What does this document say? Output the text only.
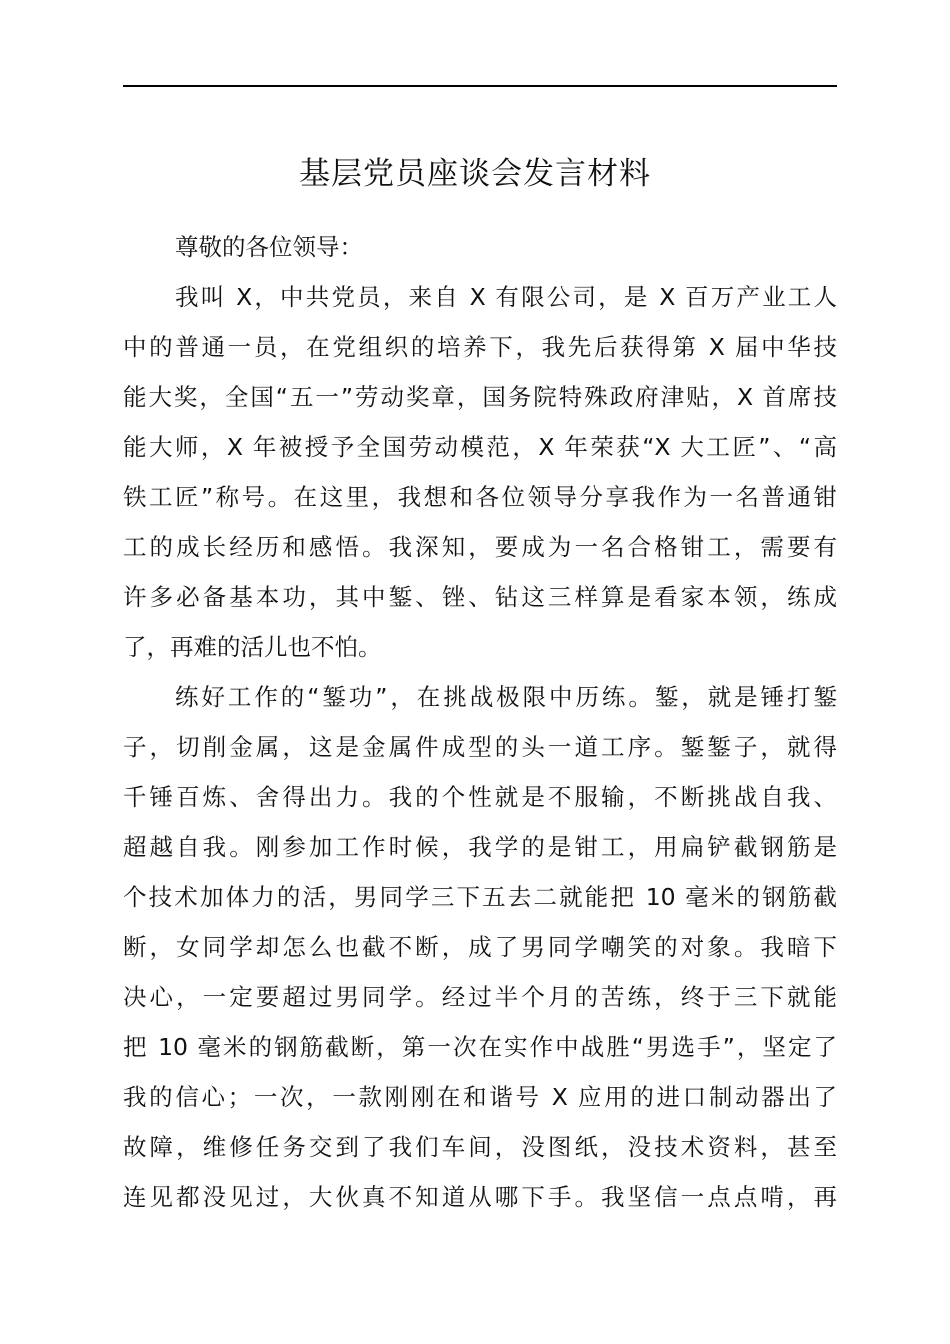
基层党员座谈会发言材料
尊敬的各位领导：
我叫 X，中共党员，来自 X 有限公司，是 X 百万产业工人
中的普通一员，在党组织的培养下，我先后获得第 X 届中华技
能大奖，全国“五一”劳动奖章，国务院特殊政府津贴，X 首席技
能大师，X 年被授予全国劳动模范，X 年荣获“X 大工匠”、“高
铁工匠”称号。在这里，我想和各位领导分享我作为一名普通钳
工的成长经历和感悟。我深知，要成为一名合格钳工，需要有
许多必备基本功，其中錾、锉、钻这三样算是看家本领，练成
了，再难的活儿也不怕。
练好工作的“錾功”，在挑战极限中历练。錾，就是锤打錾
子，切削金属，这是金属件成型的头一道工序。錾錾子，就得
千锤百炼、舍得出力。我的个性就是不服输，不断挑战自我、
超越自我。刚参加工作时候，我学的是钳工，用扁铲截钢筋是
个技术加体力的活，男同学三下五去二就能把 10 毫米的钢筋截
断，女同学却怎么也截不断，成了男同学嘲笑的对象。我暗下
决心，一定要超过男同学。经过半个月的苦练，终于三下就能
把 10 毫米的钢筋截断，第一次在实作中战胜“男选手”，坚定了
我的信心；一次，一款刚刚在和谐号 X 应用的进口制动器出了
故障，维修任务交到了我们车间，没图纸，没技术资料，甚至
连见都没见过，大伙真不知道从哪下手。我坚信一点点啃，再
